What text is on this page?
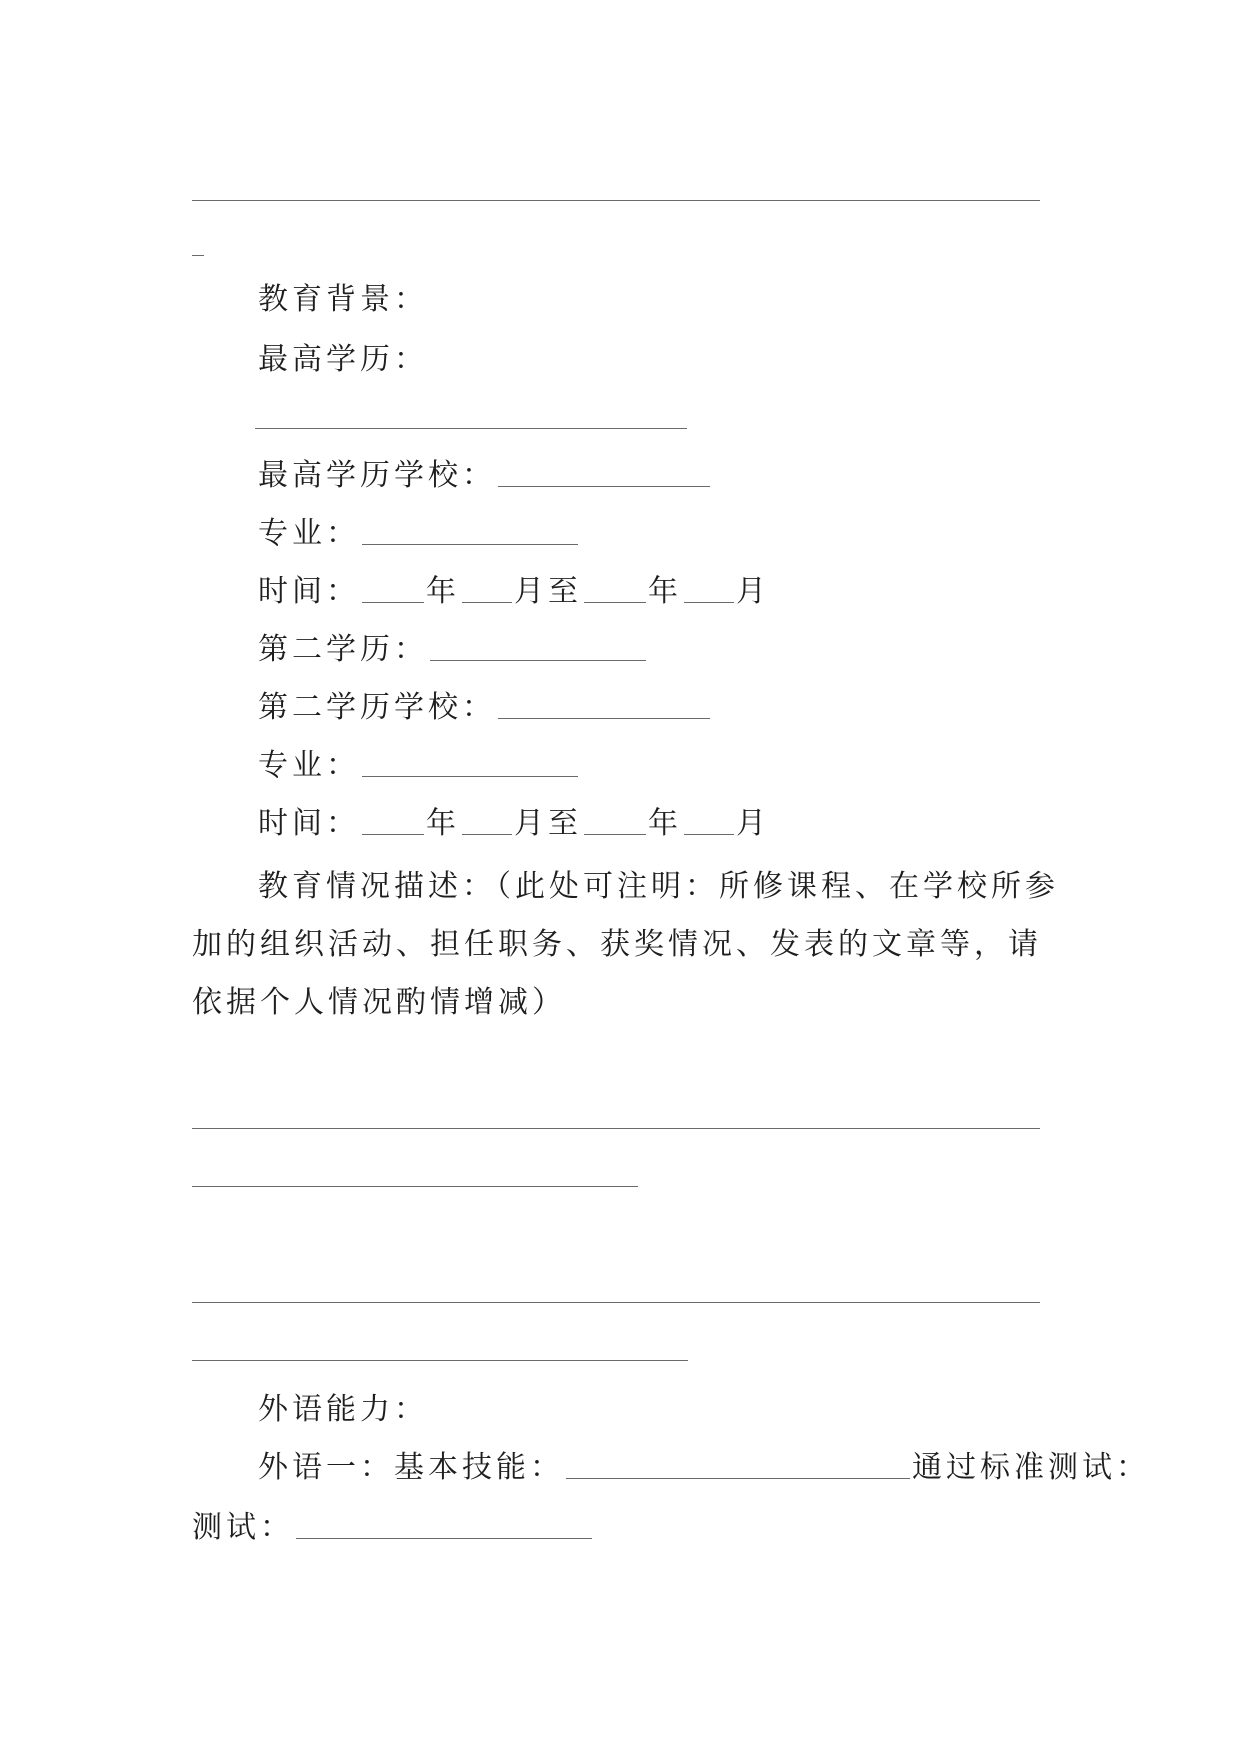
教育背景：
最高学历：
最高学历学校：
专业：
时间： 年 月至 年 月
第二学历：
第二学历学校：
专业：
时间： 年 月至 年 月
教育情况描述：（此处可注明：所修课程、在学校所参加的组织活动、担任职务、获奖情况、发表的文章等，请依据个人情况酌情增减）
外语能力：
外语一：基本技能：	通过标准测试：
测试：
